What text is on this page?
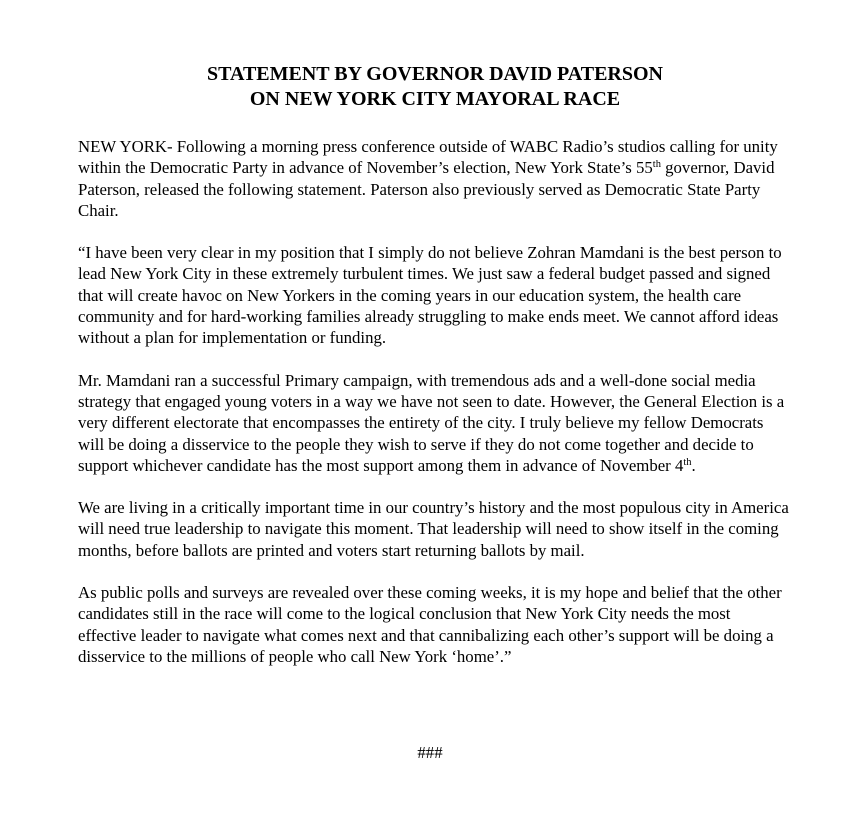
STATEMENT BY GOVERNOR DAVID PATERSON
ON NEW YORK CITY MAYORAL RACE

NEW YORK- Following a morning press conference outside of WABC Radio’s studios calling for unity within the Democratic Party in advance of November’s election, New York State’s 55th governor, David Paterson, released the following statement. Paterson also previously served as Democratic State Party Chair.

“I have been very clear in my position that I simply do not believe Zohran Mamdani is the best person to lead New York City in these extremely turbulent times. We just saw a federal budget passed and signed that will create havoc on New Yorkers in the coming years in our education system, the health care community and for hard-working families already struggling to make ends meet. We cannot afford ideas without a plan for implementation or funding.

Mr. Mamdani ran a successful Primary campaign, with tremendous ads and a well-done social media strategy that engaged young voters in a way we have not seen to date. However, the General Election is a very different electorate that encompasses the entirety of the city. I truly believe my fellow Democrats will be doing a disservice to the people they wish to serve if they do not come together and decide to support whichever candidate has the most support among them in advance of November 4th.

We are living in a critically important time in our country’s history and the most populous city in America will need true leadership to navigate this moment. That leadership will need to show itself in the coming months, before ballots are printed and voters start returning ballots by mail.

As public polls and surveys are revealed over these coming weeks, it is my hope and belief that the other candidates still in the race will come to the logical conclusion that New York City needs the most effective leader to navigate what comes next and that cannibalizing each other’s support will be doing a disservice to the millions of people who call New York ‘home’.”

###
